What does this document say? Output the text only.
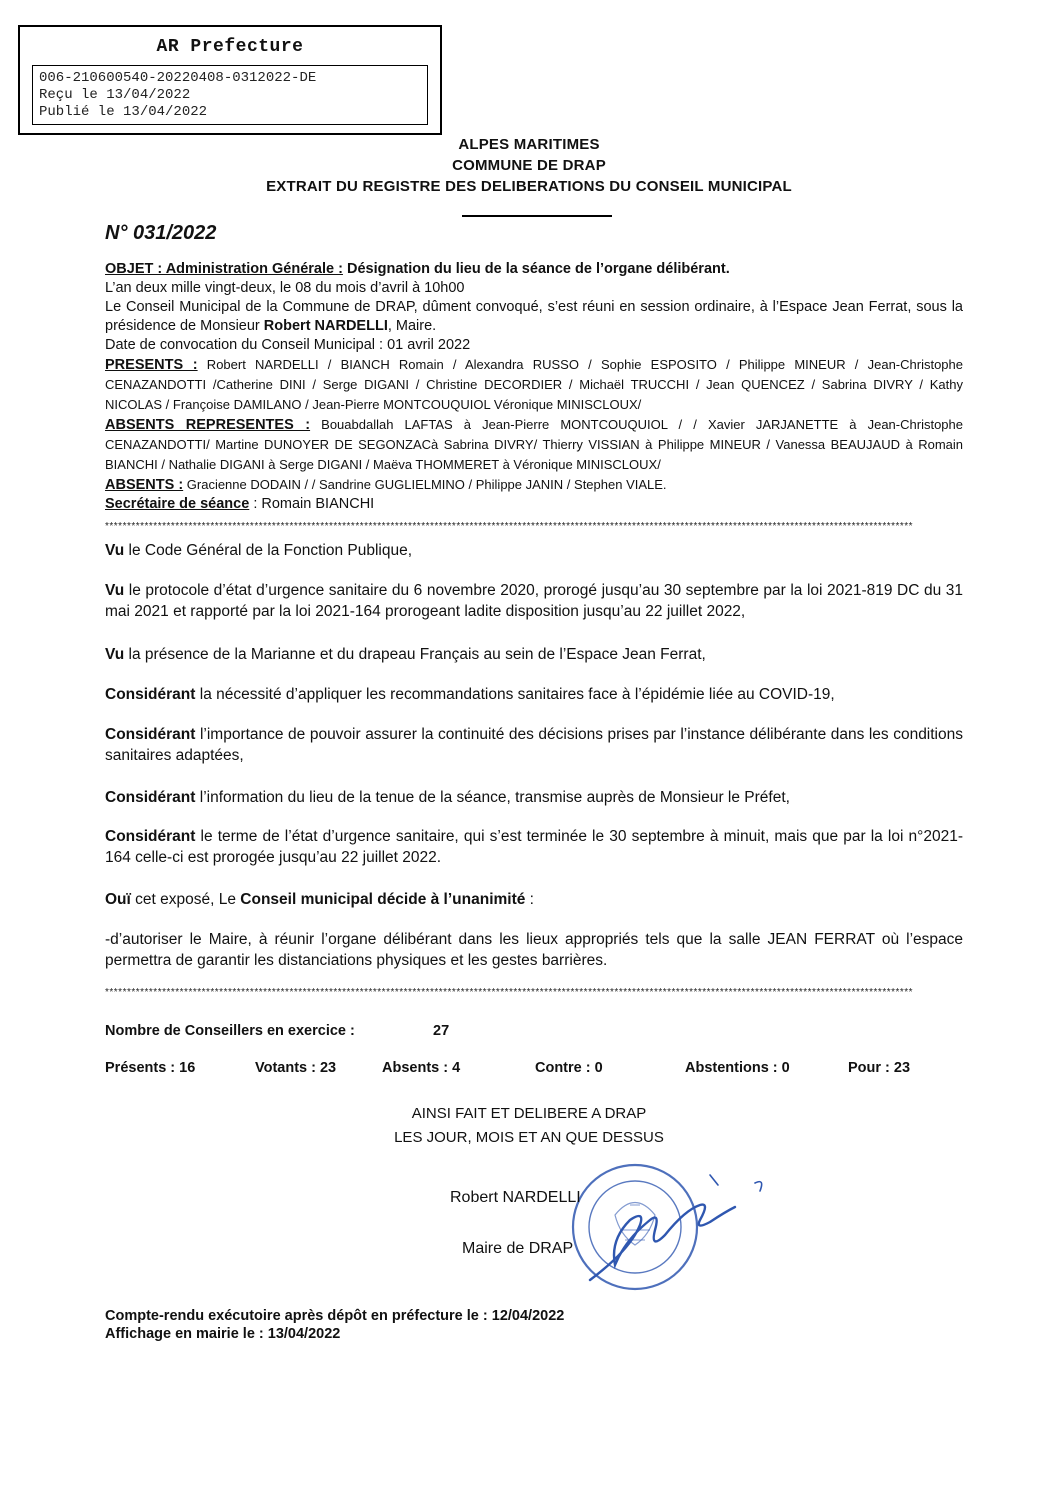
AR Prefecture
006-210600540-20220408-0312022-DE
Reçu le 13/04/2022
Publié le 13/04/2022
ALPES MARITIMES
COMMUNE DE DRAP
EXTRAIT DU REGISTRE DES DELIBERATIONS DU CONSEIL MUNICIPAL
N° 031/2022

OBJET : Administration Générale : Désignation du lieu de la séance de l’organe délibérant.

L’an deux mille vingt-deux, le 08 du mois d’avril à 10h00

Le Conseil Municipal de la Commune de DRAP, dûment convoqué, s’est réuni en session ordinaire, à l’Espace Jean Ferrat, sous la présidence de Monsieur Robert NARDELLI, Maire.

Date de convocation du Conseil Municipal : 01 avril 2022

PRESENTS : Robert NARDELLI / BIANCH Romain / Alexandra RUSSO / Sophie ESPOSITO / Philippe MINEUR / Jean-Christophe CENAZANDOTTI /Catherine DINI / Serge DIGANI / Christine DECORDIER / Michaël TRUCCHI / Jean QUENCEZ / Sabrina DIVRY / Kathy NICOLAS / Françoise DAMILANO / Jean-Pierre MONTCOUQUIOL Véronique MINISCLOUX/

ABSENTS REPRESENTES : Bouabdallah LAFTAS à Jean-Pierre MONTCOUQUIOL / / Xavier JARJANETTE à Jean-Christophe CENAZANDOTTI/ Martine DUNOYER DE SEGONZACà Sabrina DIVRY/ Thierry VISSIAN à Philippe MINEUR / Vanessa BEAUJAUD à Romain BIANCHI / Nathalie DIGANI à Serge DIGANI / Maëva THOMMERET à Véronique MINISCLOUX/

ABSENTS : Gracienne DODAIN / / Sandrine GUGLIELMINO / Philippe JANIN / Stephen VIALE.

Secrétaire de séance : Romain BIANCHI

****************************************************************************************************************************************************************************************
Vu le Code Général de la Fonction Publique,
Vu le protocole d’état d’urgence sanitaire du 6 novembre 2020, prorogé jusqu’au 30 septembre par la loi 2021-819 DC du 31 mai 2021 et rapporté par la loi 2021-164 prorogeant ladite disposition jusqu’au 22 juillet 2022,
Vu la présence de la Marianne et du drapeau Français au sein de l’Espace Jean Ferrat,
Considérant la nécessité d’appliquer les recommandations sanitaires face à l’épidémie liée au COVID-19,
Considérant l’importance de pouvoir assurer la continuité des décisions prises par l’instance délibérante dans les conditions sanitaires adaptées,
Considérant l’information du lieu de la tenue de la séance, transmise auprès de Monsieur le Préfet,
Considérant le terme de l’état d’urgence sanitaire, qui s’est terminée le 30 septembre à minuit, mais que par la loi n°2021-164 celle-ci est prorogée jusqu’au 22 juillet 2022.
Ouï cet exposé, Le Conseil municipal décide à l’unanimité :
-d’autoriser le Maire, à réunir l’organe délibérant dans les lieux appropriés tels que la salle JEAN FERRAT où l’espace permettra de garantir les distanciations physiques et les gestes barrières.
****************************************************************************************************************************************************************************************
Nombre de Conseillers en exercice :	27
Présents : 16	Votants : 23	Absents : 4	Contre : 0	Abstentions : 0	Pour : 23
AINSI FAIT ET DELIBERE A DRAP
LES JOUR, MOIS ET AN QUE DESSUS
Robert NARDELLI
Maire de DRAP
Compte-rendu exécutoire après dépôt en préfecture le : 12/04/2022
Affichage en mairie le : 13/04/2022
